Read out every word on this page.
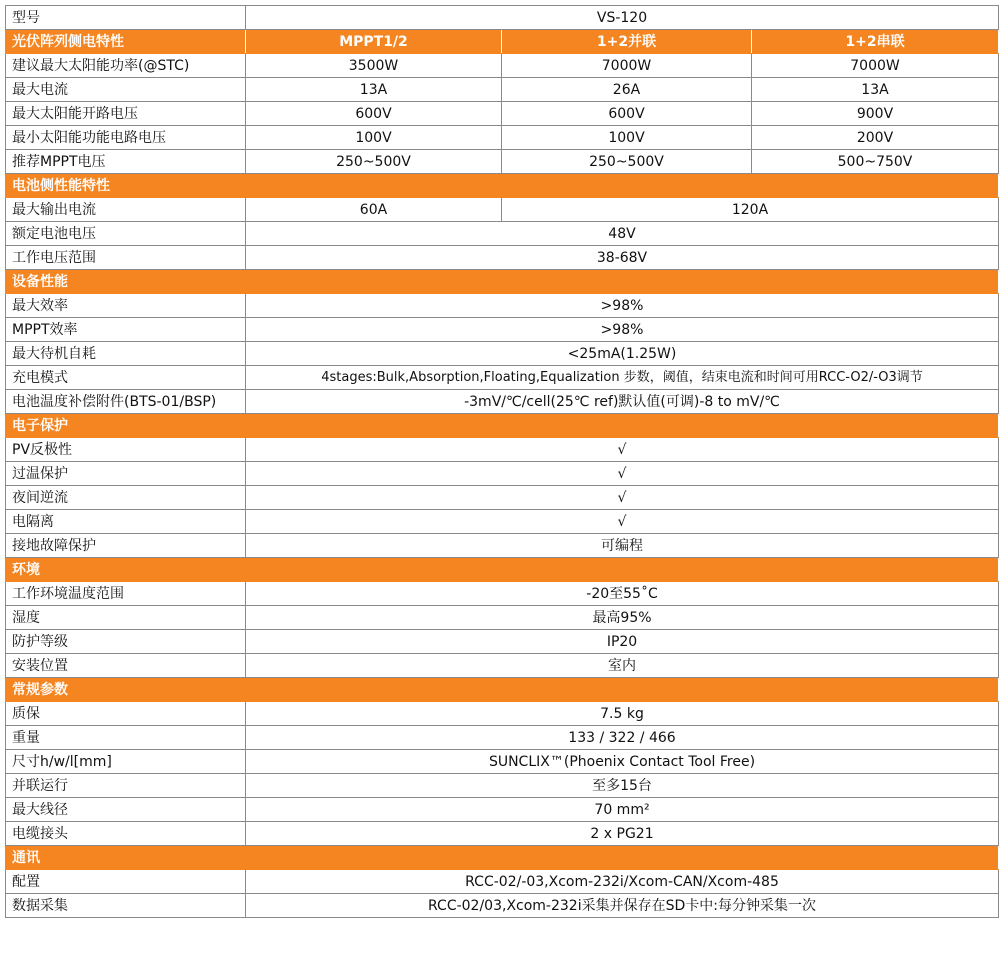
型号	VS-120		
光伏阵列侧电特性	MPPT1/2	1+2并联	1+2串联
建议最大太阳能功率(@STC)	3500W	7000W	7000W
最大电流	13A	26A	13A
最大太阳能开路电压	600V	600V	900V
最小太阳能功能电路电压	100V	100V	200V
推荐MPPT电压	250~500V	250~500V	500~750V
电池侧性能特性			
最大输出电流	60A	120A	
额定电池电压	48V		
工作电压范围	38-68V		
设备性能			
最大效率	>98%		
MPPT效率	>98%		
最大待机自耗	<25mA(1.25W)		
充电模式	4stages:Bulk,Absorption,Floating,Equalization 步数，阈值，结束电流和时间可用RCC-O2/-O3调节		
电池温度补偿附件(BTS-01/BSP)	-3mV/℃/cell(25℃ ref)默认值(可调)-8 to mV/℃		
电子保护			
PV反极性	√		
过温保护	√		
夜间逆流	√		
电隔离	√		
接地故障保护	可编程		
环境			
工作环境温度范围	-20至55˚C		
湿度	最高95%		
防护等级	IP20		
安装位置	室内		
常规参数			
质保	7.5 kg		
重量	133 / 322 / 466		
尺寸h/w/l[mm]	SUNCLIX™(Phoenix Contact Tool Free)		
并联运行	至多15台		
最大线径	70 mm²		
电缆接头	2 x PG21		
通讯			
配置	RCC-02/-03,Xcom-232i/Xcom-CAN/Xcom-485		
数据采集	RCC-02/03,Xcom-232i采集并保存在SD卡中:每分钟采集一次		
